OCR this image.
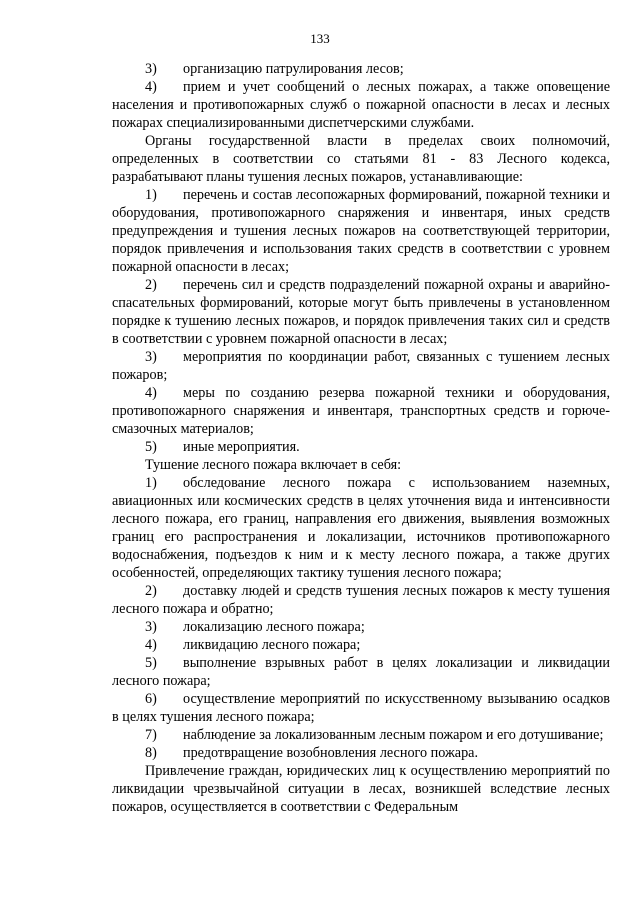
133

3) организацию патрулирования лесов;

4) прием и учет сообщений о лесных пожарах, а также оповещение населения и противопожарных служб о пожарной опасности в лесах и лесных пожарах специализированными диспетчерскими службами.

Органы государственной власти в пределах своих полномочий, определенных в соответствии со статьями 81 - 83 Лесного кодекса, разрабатывают планы тушения лесных пожаров, устанавливающие:

1) перечень и состав лесопожарных формирований, пожарной техники и оборудования, противопожарного снаряжения и инвентаря, иных средств предупреждения и тушения лесных пожаров на соответствующей территории, порядок привлечения и использования таких средств в соответствии с уровнем пожарной опасности в лесах;

2) перечень сил и средств подразделений пожарной охраны и аварийно-спасательных формирований, которые могут быть привлечены в установленном порядке к тушению лесных пожаров, и порядок привлечения таких сил и средств в соответствии с уровнем пожарной опасности в лесах;

3) мероприятия по координации работ, связанных с тушением лесных пожаров;

4) меры по созданию резерва пожарной техники и оборудования, противопожарного снаряжения и инвентаря, транспортных средств и горюче-смазочных материалов;

5) иные мероприятия.

Тушение лесного пожара включает в себя:

1) обследование лесного пожара с использованием наземных, авиационных или космических средств в целях уточнения вида и интенсивности лесного пожара, его границ, направления его движения, выявления возможных границ его распространения и локализации, источников противопожарного водоснабжения, подъездов к ним и к месту лесного пожара, а также других особенностей, определяющих тактику тушения лесного пожара;

2) доставку людей и средств тушения лесных пожаров к месту тушения лесного пожара и обратно;

3) локализацию лесного пожара;

4) ликвидацию лесного пожара;

5) выполнение взрывных работ в целях локализации и ликвидации лесного пожара;

6) осуществление мероприятий по искусственному вызыванию осадков в целях тушения лесного пожара;

7) наблюдение за локализованным лесным пожаром и его дотушивание;

8) предотвращение возобновления лесного пожара.

Привлечение граждан, юридических лиц к осуществлению мероприятий по ликвидации чрезвычайной ситуации в лесах, возникшей вследствие лесных пожаров, осуществляется в соответствии с Федеральным
